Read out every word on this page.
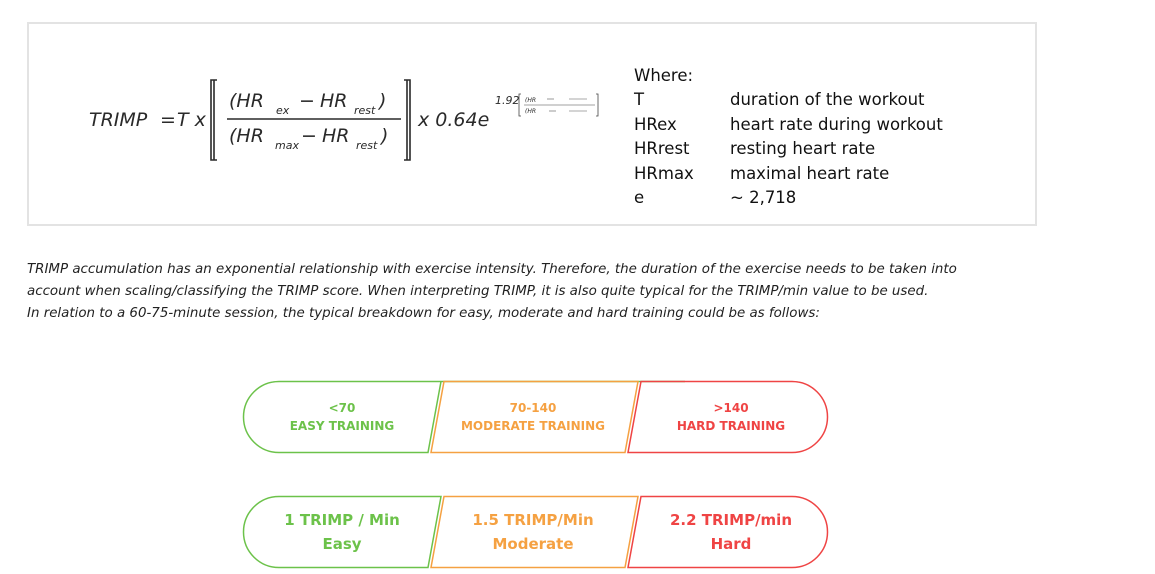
TRIMP = T x
(HR ex − HR rest )
(HR max − HR rest )
x 0.64e
1.92 (HR
(HR
Where:
T	duration of the workout
HRex	heart rate during workout
HRrest	resting heart rate
HRmax	maximal heart rate
e	~ 2,718
TRIMP accumulation has an exponential relationship with exercise intensity. Therefore, the duration of the exercise needs to be taken into
account when scaling/classifying the TRIMP score. When interpreting TRIMP, it is also quite typical for the TRIMP/min value to be used.
In relation to a 60-75-minute session, the typical breakdown for easy, moderate and hard training could be as follows:
<70
EASY TRAINING
70-140
MODERATE TRAINING
>140
HARD TRAINING
1 TRIMP / Min
Easy
1.5 TRIMP/Min
Moderate
2.2 TRIMP/min
Hard
